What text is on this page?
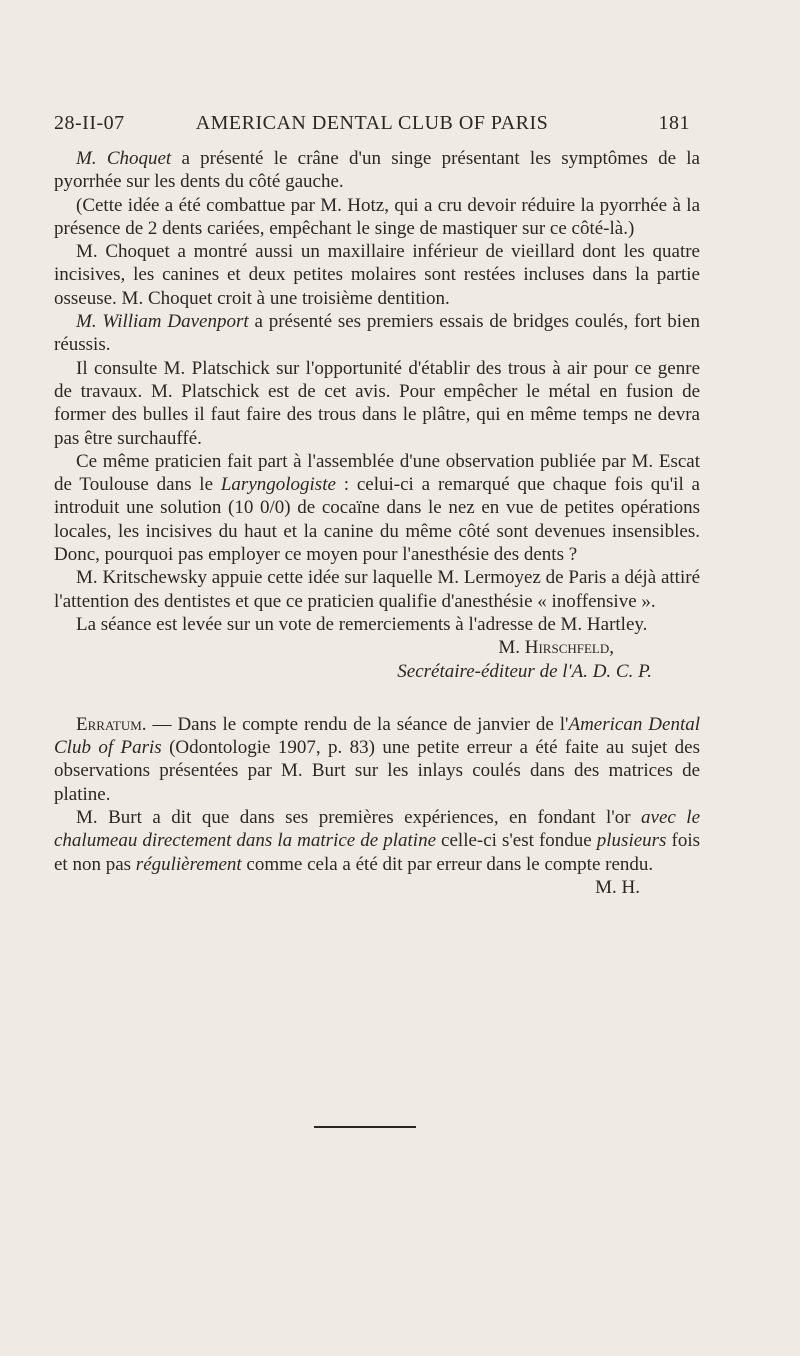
28-II-07	AMERICAN DENTAL CLUB OF PARIS	181

M. Choquet a présenté le crâne d'un singe présentant les symptômes de la pyorrhée sur les dents du côté gauche.

(Cette idée a été combattue par M. Hotz, qui a cru devoir réduire la pyorrhée à la présence de 2 dents cariées, empêchant le singe de mastiquer sur ce côté-là.)

M. Choquet a montré aussi un maxillaire inférieur de vieillard dont les quatre incisives, les canines et deux petites molaires sont restées incluses dans la partie osseuse. M. Choquet croit à une troisième dentition.

M. William Davenport a présenté ses premiers essais de bridges coulés, fort bien réussis.

Il consulte M. Platschick sur l'opportunité d'établir des trous à air pour ce genre de travaux. M. Platschick est de cet avis. Pour empêcher le métal en fusion de former des bulles il faut faire des trous dans le plâtre, qui en même temps ne devra pas être surchauffé.

Ce même praticien fait part à l'assemblée d'une observation publiée par M. Escat de Toulouse dans le Laryngologiste : celui-ci a remarqué que chaque fois qu'il a introduit une solution (10 0/0) de cocaïne dans le nez en vue de petites opérations locales, les incisives du haut et la canine du même côté sont devenues insensibles. Donc, pourquoi pas employer ce moyen pour l'anesthésie des dents ?

M. Kritschewsky appuie cette idée sur laquelle M. Lermoyez de Paris a déjà attiré l'attention des dentistes et que ce praticien qualifie d'anesthésie « inoffensive ».

La séance est levée sur un vote de remerciements à l'adresse de M. Hartley.

M. Hirschfeld,

Secrétaire-éditeur de l'A. D. C. P.

Erratum. — Dans le compte rendu de la séance de janvier de l'American Dental Club of Paris (Odontologie 1907, p. 83) une petite erreur a été faite au sujet des observations présentées par M. Burt sur les inlays coulés dans des matrices de platine.

M. Burt a dit que dans ses premières expériences, en fondant l'or avec le chalumeau directement dans la matrice de platine celle-ci s'est fondue plusieurs fois et non pas régulièrement comme cela a été dit par erreur dans le compte rendu.

M. H.
